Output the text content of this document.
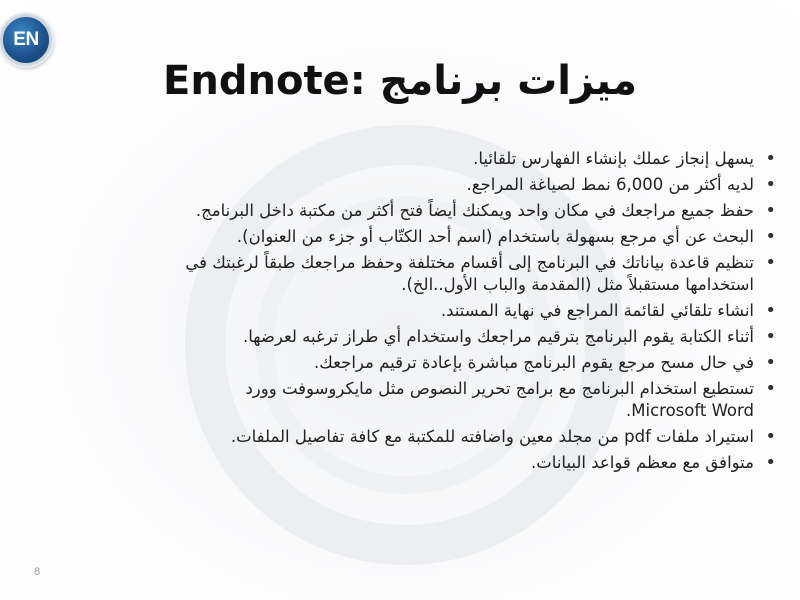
EN
ميزات برنامج :Endnote
• يسهل إنجاز عملك بإنشاء الفهارس تلقائيا.
• لديه أكثر من 6,000 نمط لصياغة المراجع.
• حفظ جميع مراجعك في مكان واحد ويمكنك أيضاً فتح أكثر من مكتبة داخل البرنامج.
• البحث عن أي مرجع بسهولة باستخدام (اسم أحد الكتّاب أو جزء من العنوان).
• تنظيم قاعدة بياناتك في البرنامج إلى أقسام مختلفة وحفظ مراجعك طبقاً لرغبتك في
استخدامها مستقبلاً مثل (المقدمة والباب الأول..الخ).
• انشاء تلقائي لقائمة المراجع في نهاية المستند.
• أثناء الكتابة يقوم البرنامج بترقيم مراجعك واستخدام أي طراز ترغبه لعرضها.
• في حال مسح مرجع يقوم البرنامج مباشرة بإعادة ترقيم مراجعك.
• تستطيع استخدام البرنامج مع برامج تحرير النصوص مثل مايكروسوفت وورد
Microsoft Word.
• استيراد ملفات pdf من مجلد معين واضافته للمكتبة مع كافة تفاصيل الملفات.
• متوافق مع معظم قواعد البيانات.
8
